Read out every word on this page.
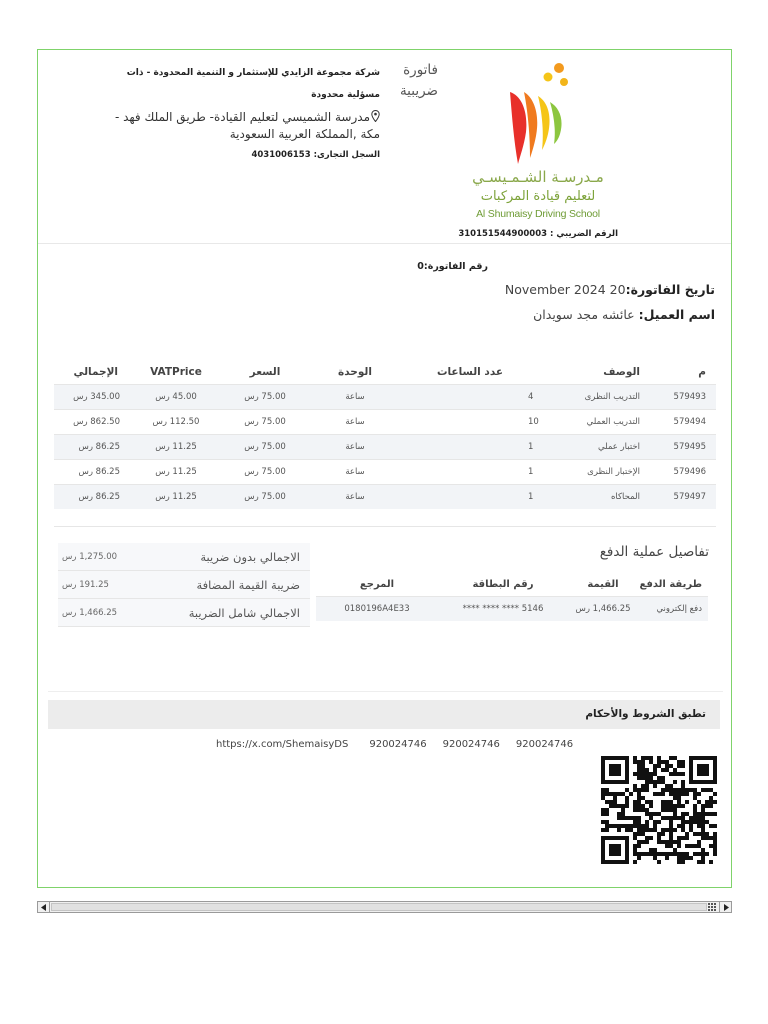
مـدرسـة الشـمـيسـي
لتعليم قيادة المركبات
Al Shumaisy Driving School
فاتورة ضريبية
شركة مجموعة الزايدي للإستثمار و التنمية المحدودة - ذات مسؤلية محدودة
مدرسة الشميسي لتعليم القيادة- طريق الملك فهد - مكة ,المملكة العربية السعودية
السجل التجارى: 4031006153
الرقم الضريبي : 310151544900003
رقم الفاتورة:0
تاريخ الفاتورة:20 November 2024
اسم العميل: عائشه مجد سويدان
م
الوصف
عدد الساعات
الوحدة
السعر
VATPrice
الإجمالي
579493
التدريب النظرى
4
ساعة
75.00 رس
45.00 رس
345.00 رس
579494
التدريب العملي
10
ساعة
75.00 رس
112.50 رس
862.50 رس
579495
اختبار عملي
1
ساعة
75.00 رس
11.25 رس
86.25 رس
579496
الإختبار النظرى
1
ساعة
75.00 رس
11.25 رس
86.25 رس
579497
المحاكاه
1
ساعة
75.00 رس
11.25 رس
86.25 رس
الاجمالي بدون ضريبة
1,275.00 رس
ضريبة القيمة المضافة
191.25 رس
الاجمالي شامل الضريبة
1,466.25 رس
تفاصيل عملية الدفع
طريقة الدفع
القيمة
رقم البطاقة
المرجع
دفع إلكتروني
1,466.25 رس
**** **** **** 5146
0180196A4E33
تطبق الشروط والأحكام
https://x.com/ShemaisyDS 920024746 920024746 920024746
